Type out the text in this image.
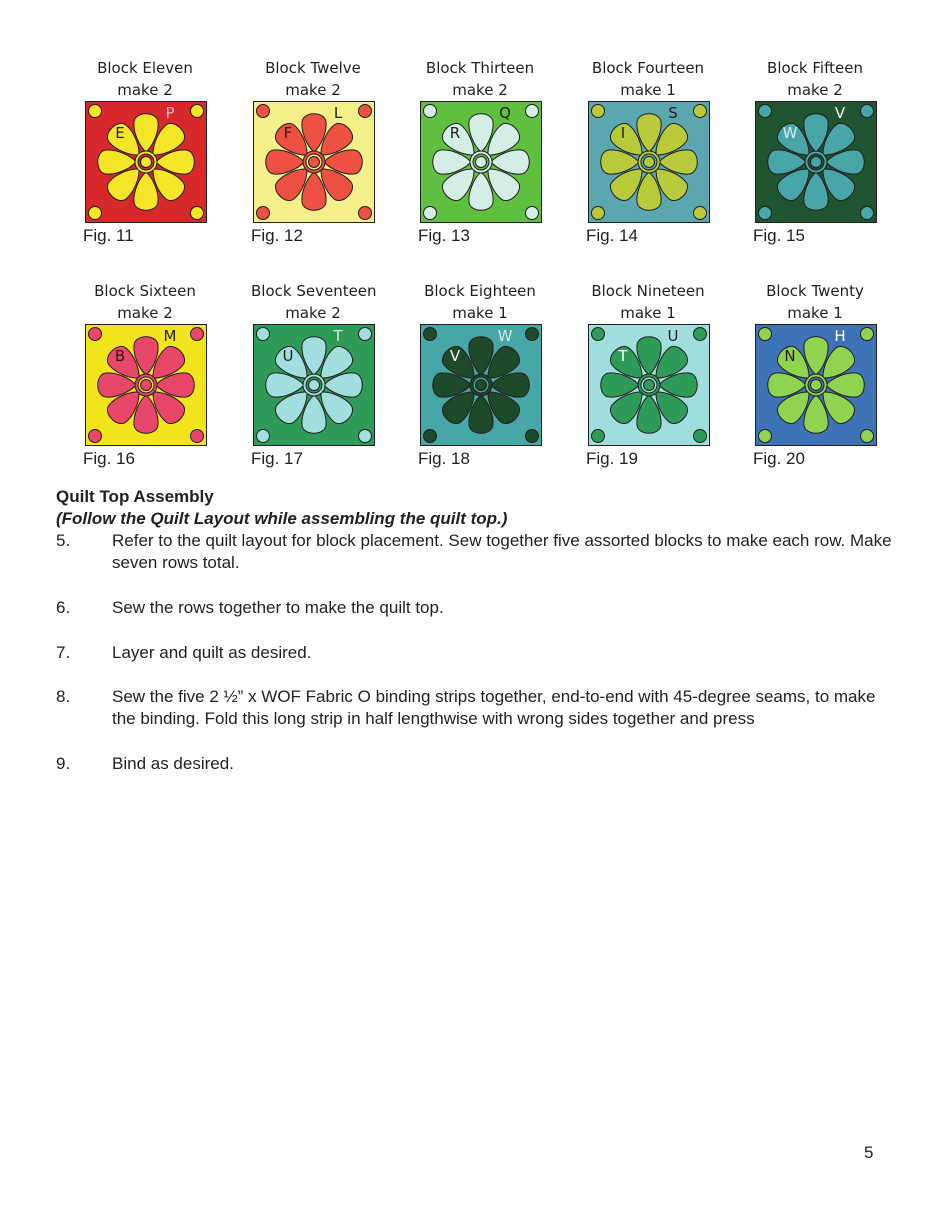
Block Eleven

make 2

E
P
Fig. 11

Block Twelve

make 2

F
L
Fig. 12

Block Thirteen

make 2

R
Q
Fig. 13

Block Fourteen

make 1

I
S
Fig. 14

Block Fifteen

make 2

W
V
Fig. 15

Block Sixteen

make 2

B
M
Fig. 16

Block Seventeen

make 2

U
T
Fig. 17

Block Eighteen

make 1

V
W
Fig. 18

Block Nineteen

make 1

T
U
Fig. 19

Block Twenty

make 1

N
H
Fig. 20
Quilt Top Assembly
(Follow the Quilt Layout while assembling the quilt top.)
5.	Refer to the quilt layout for block placement. Sew together five assorted blocks to make each row. Make seven rows total.
6.	Sew the rows together to make the quilt top.
7.	Layer and quilt as desired.
8.	Sew the five 2 ½” x WOF Fabric O binding strips together, end-to-end with 45-degree seams, to make the binding. Fold this long strip in half lengthwise with wrong sides together and press
9.	Bind as desired.
5
